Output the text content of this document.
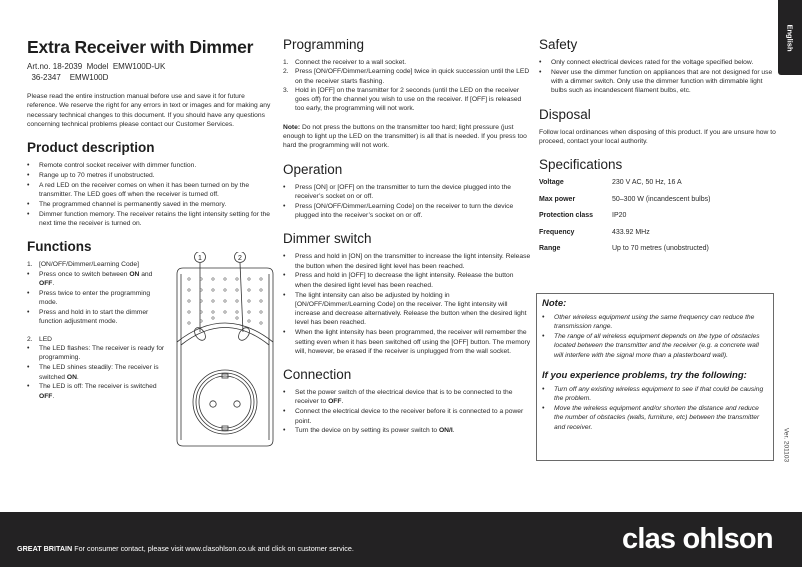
Extra Receiver with Dimmer
Art.no. 18-2039  Model  EMW100D-UK
36-2347    EMW100D

Please read the entire instruction manual before use and save it for future reference. We reserve the right for any errors in text or images and for making any necessary technical changes to this document. If you should have any questions concerning technical problems please contact our Customer Services.

Product description
• Remote control socket receiver with dimmer function.
• Range up to 70 metres if unobstructed.
• A red LED on the receiver comes on when it has been turned on by the transmitter. The LED goes off when the receiver is turned off.
• The programmed channel is permanently saved in the memory.
• Dimmer function memory. The receiver retains the light intensity setting for the next time the receiver is turned on.
Functions
1. [ON/OFF/Dimmer/Learning Code]
• Press once to switch between ON and OFF.
• Press twice to enter the programming mode.
• Press and hold in to start the dimmer function adjustment mode.
2. LED
• The LED flashes: The receiver is ready for programming.
• The LED shines steadily: The receiver is switched ON.
• The LED is off: The receiver is switched OFF.
1	2
Programming
1. Connect the receiver to a wall socket.
2. Press [ON/OFF/Dimmer/Learning code] twice in quick succession until the LED on the receiver starts flashing.
3. Hold in [OFF] on the transmitter for 2 seconds (until the LED on the receiver goes off) for the channel you wish to use on the receiver. If [OFF] is released too early, the programming will not work.

Note: Do not press the buttons on the transmitter too hard; light pressure (just enough to light up the LED on the transmitter) is all that is needed. If you press too hard the programming will not work.

Operation
• Press [ON] or [OFF] on the transmitter to turn the device plugged into the receiver’s socket on or off.
• Press [ON/OFF/Dimmer/Learning Code] on the receiver to turn the device plugged into the receiver’s socket on or off.
Dimmer switch
• Press and hold in [ON] on the transmitter to increase the light intensity. Release the button when the desired light level has been reached.
• Press and hold in [OFF] to decrease the light intensity. Release the button when the desired light level has been reached.
• The light intensity can also be adjusted by holding in [ON/OFF/Dimmer/Learning Code] on the receiver. The light intensity will increase and decrease alternatively. Release the button when the desired light level has been reached.
• When the light intensity has been programmed, the receiver will remember the setting even when it has been switched off using the [OFF] button. The memory will, however, be erased if the receiver is unplugged from the wall socket.
Connection
• Set the power switch of the electrical device that is to be connected to the receiver to OFF.
• Connect the electrical device to the receiver before it is connected to a power point.
• Turn the device on by setting its power switch to ON/I.
Safety
• Only connect electrical devices rated for the voltage specified below.
• Never use the dimmer function on appliances that are not designed for use with a dimmer switch. Only use the dimmer function with dimmable light bulbs such as incandescent filament bulbs, etc.
Disposal

Follow local ordinances when disposing of this product. If you are unsure how to proceed, contact your local authority.

Specifications
Voltage	230 V AC, 50 Hz, 16 A
Max power	50–300 W (incandescent bulbs)
Protection class	IP20
Frequency	433.92 MHz
Range	Up to 70 metres (unobstructed)
Note:
• Other wireless equipment using the same frequency can reduce the transmission range.
• The range of all wireless equipment depends on the type of obstacles located between the transmitter and the receiver (e.g. a concrete wall will interfere with the signal more than a plasterboard wall).
If you experience problems, try the following:
• Turn off any existing wireless equipment to see if that could be causing the problem.
• Move the wireless equipment and/or shorten the distance and reduce the number of obstacles (walls, furniture, etc) between the transmitter and receiver.
English
Ver. 201103
GREAT BRITAIN For consumer contact, please visit www.clasohlson.co.uk and click on customer service.	clas ohlson
